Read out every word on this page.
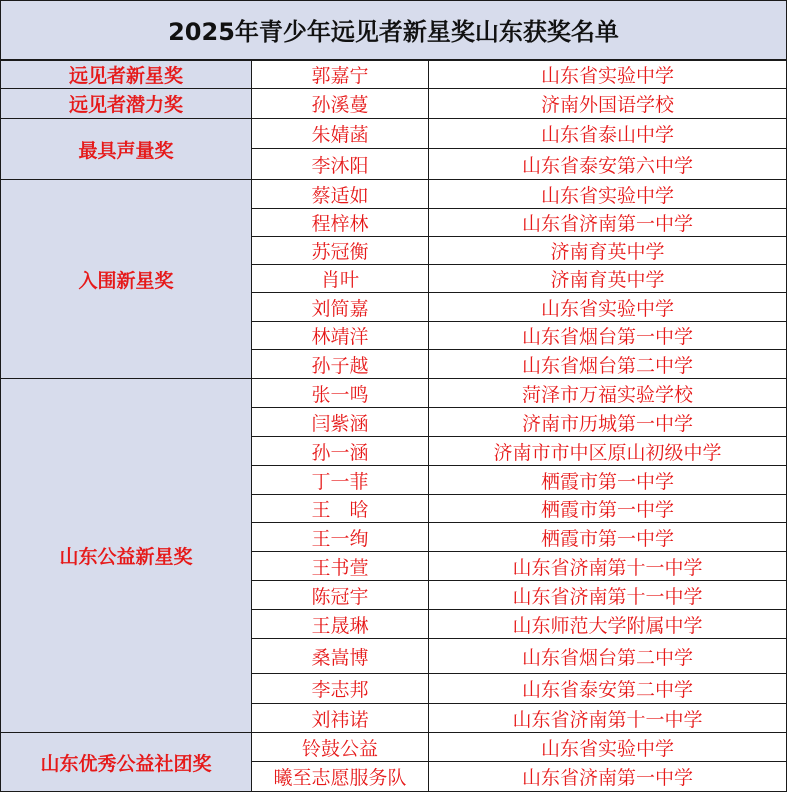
2025年青少年远见者新星奖山东获奖名单		
远见者新星奖	郭嘉宁	山东省实验中学
远见者潜力奖	孙溪蔓	济南外国语学校
最具声量奖	朱婧菡	山东省泰山中学
	李沐阳	山东省泰安第六中学
入围新星奖	蔡适如	山东省实验中学
	程梓林	山东省济南第一中学
	苏冠衡	济南育英中学
	肖叶	济南育英中学
	刘简嘉	山东省实验中学
	林靖洋	山东省烟台第一中学
	孙子越	山东省烟台第二中学
山东公益新星奖	张一鸣	菏泽市万福实验学校
	闫紫涵	济南市历城第一中学
	孙一涵	济南市市中区原山初级中学
	丁一菲	栖霞市第一中学
	王　晗	栖霞市第一中学
	王一绚	栖霞市第一中学
	王书萱	山东省济南第十一中学
	陈冠宇	山东省济南第十一中学
	王晟琳	山东师范大学附属中学
	桑嵩博	山东省烟台第二中学
	李志邦	山东省泰安第二中学
	刘祎诺	山东省济南第十一中学
山东优秀公益社团奖	铃鼓公益	山东省实验中学
	曦至志愿服务队	山东省济南第一中学
